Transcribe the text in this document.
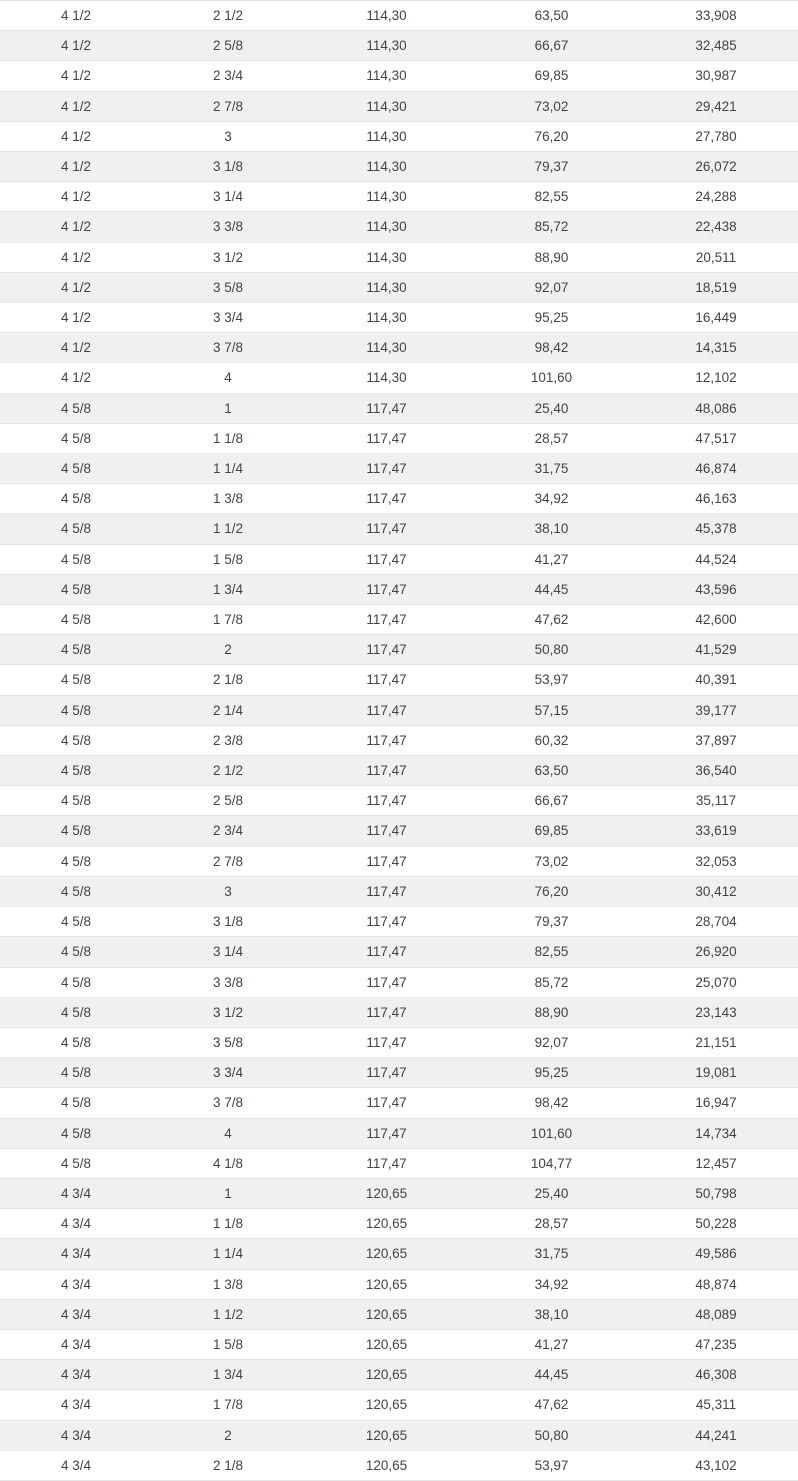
4 1/2	2 1/2	114,30	63,50	33,908
4 1/2	2 5/8	114,30	66,67	32,485
4 1/2	2 3/4	114,30	69,85	30,987
4 1/2	2 7/8	114,30	73,02	29,421
4 1/2	3	114,30	76,20	27,780
4 1/2	3 1/8	114,30	79,37	26,072
4 1/2	3 1/4	114,30	82,55	24,288
4 1/2	3 3/8	114,30	85,72	22,438
4 1/2	3 1/2	114,30	88,90	20,511
4 1/2	3 5/8	114,30	92,07	18,519
4 1/2	3 3/4	114,30	95,25	16,449
4 1/2	3 7/8	114,30	98,42	14,315
4 1/2	4	114,30	101,60	12,102
4 5/8	1	117,47	25,40	48,086
4 5/8	1 1/8	117,47	28,57	47,517
4 5/8	1 1/4	117,47	31,75	46,874
4 5/8	1 3/8	117,47	34,92	46,163
4 5/8	1 1/2	117,47	38,10	45,378
4 5/8	1 5/8	117,47	41,27	44,524
4 5/8	1 3/4	117,47	44,45	43,596
4 5/8	1 7/8	117,47	47,62	42,600
4 5/8	2	117,47	50,80	41,529
4 5/8	2 1/8	117,47	53,97	40,391
4 5/8	2 1/4	117,47	57,15	39,177
4 5/8	2 3/8	117,47	60,32	37,897
4 5/8	2 1/2	117,47	63,50	36,540
4 5/8	2 5/8	117,47	66,67	35,117
4 5/8	2 3/4	117,47	69,85	33,619
4 5/8	2 7/8	117,47	73,02	32,053
4 5/8	3	117,47	76,20	30,412
4 5/8	3 1/8	117,47	79,37	28,704
4 5/8	3 1/4	117,47	82,55	26,920
4 5/8	3 3/8	117,47	85,72	25,070
4 5/8	3 1/2	117,47	88,90	23,143
4 5/8	3 5/8	117,47	92,07	21,151
4 5/8	3 3/4	117,47	95,25	19,081
4 5/8	3 7/8	117,47	98,42	16,947
4 5/8	4	117,47	101,60	14,734
4 5/8	4 1/8	117,47	104,77	12,457
4 3/4	1	120,65	25,40	50,798
4 3/4	1 1/8	120,65	28,57	50,228
4 3/4	1 1/4	120,65	31,75	49,586
4 3/4	1 3/8	120,65	34,92	48,874
4 3/4	1 1/2	120,65	38,10	48,089
4 3/4	1 5/8	120,65	41,27	47,235
4 3/4	1 3/4	120,65	44,45	46,308
4 3/4	1 7/8	120,65	47,62	45,311
4 3/4	2	120,65	50,80	44,241
4 3/4	2 1/8	120,65	53,97	43,102
